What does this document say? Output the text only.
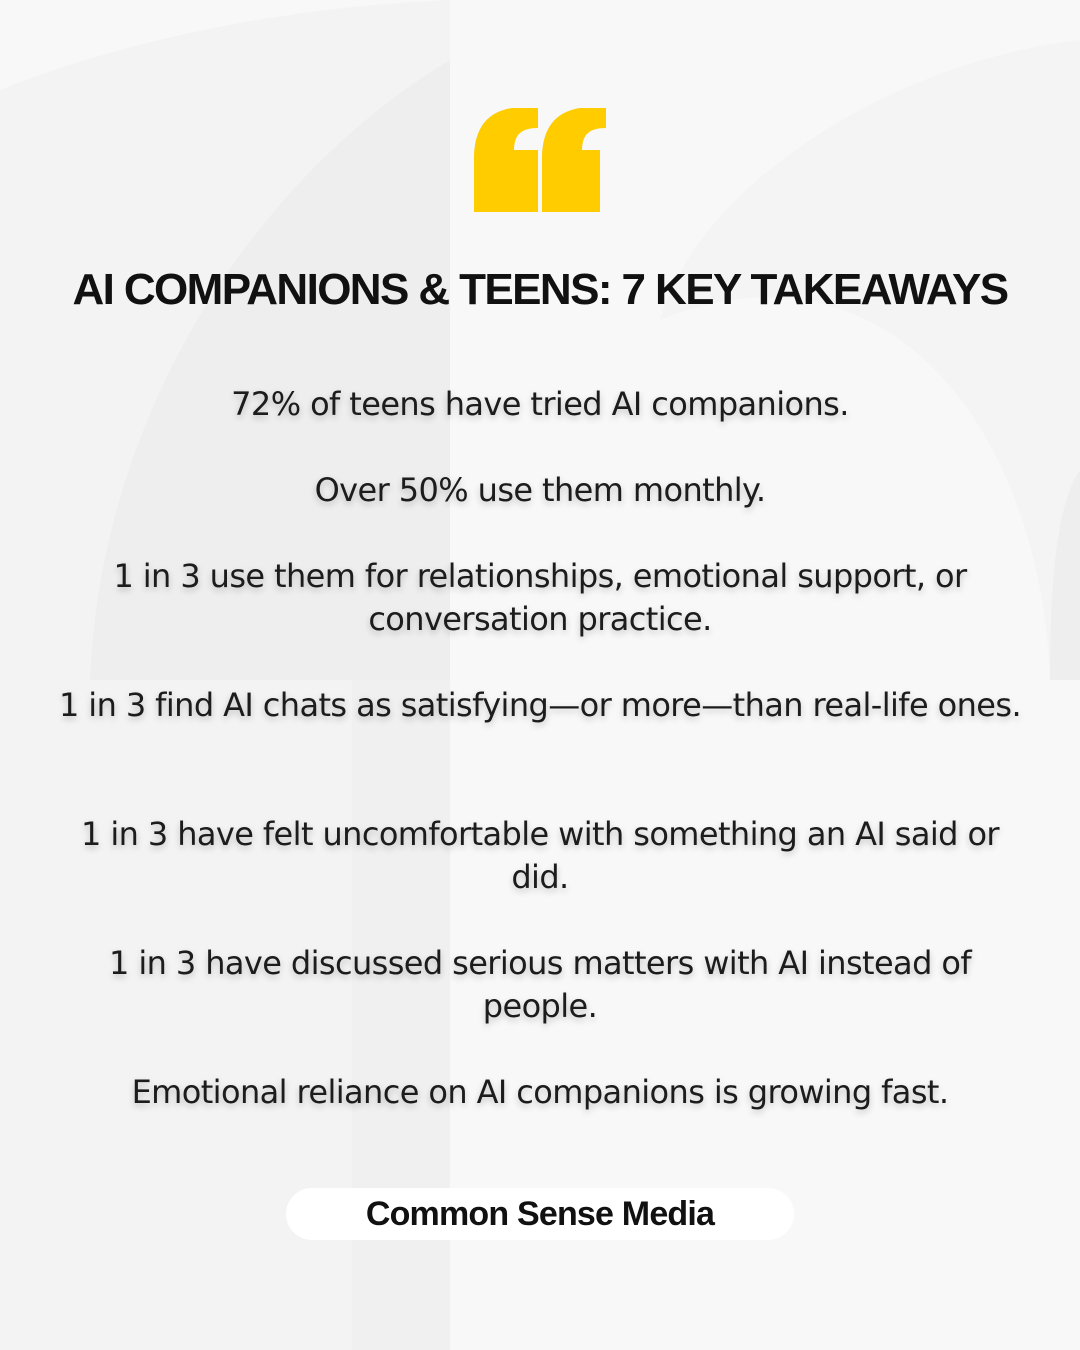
AI COMPANIONS & TEENS: 7 KEY TAKEAWAYS

72% of teens have tried AI companions.

Over 50% use them monthly.

1 in 3 use them for relationships, emotional support, or conversation practice.

1 in 3 find AI chats as satisfying—or more—than real-life ones.

1 in 3 have felt uncomfortable with something an AI said or did.

1 in 3 have discussed serious matters with AI instead of people.

Emotional reliance on AI companions is growing fast.

Common Sense Media
